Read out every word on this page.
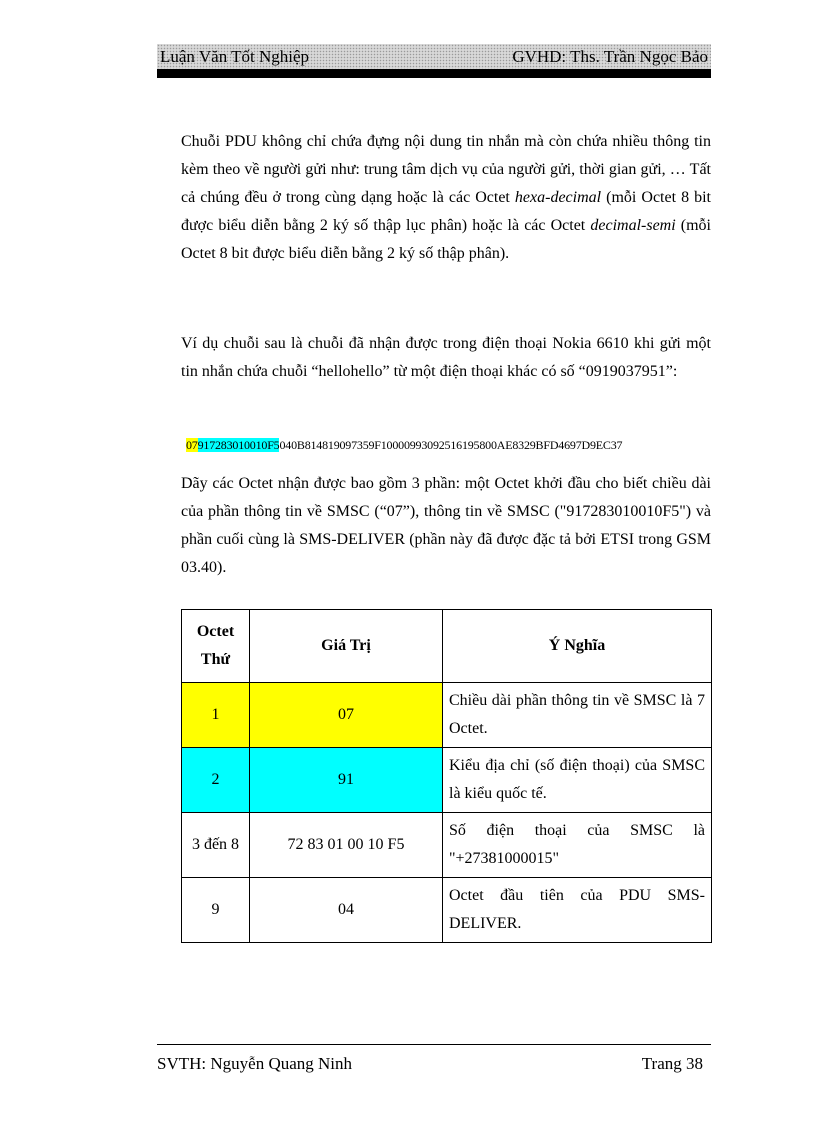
Luận Văn Tốt Nghiệp	GVHD: Ths. Trần Ngọc Bảo
Chuỗi PDU không chỉ chứa đựng nội dung tin nhắn mà còn chứa nhiều thông tin kèm theo về người gửi như: trung tâm dịch vụ của người gửi, thời gian gửi, … Tất cả chúng đều ở trong cùng dạng hoặc là các Octet hexa-decimal (mỗi Octet 8 bit được biểu diễn bằng 2 ký số thập lục phân) hoặc là các Octet decimal-semi (mỗi Octet 8 bit được biểu diễn bằng 2 ký số thập phân).
Ví dụ chuỗi sau là chuỗi đã nhận được trong điện thoại Nokia 6610 khi gửi một tin nhắn chứa chuỗi “hellohello” từ một điện thoại khác có số “0919037951”:
07917283010010F5040B814819097359F10000993092516195800AE8329BFD4697D9EC37
Dãy các Octet nhận được bao gồm 3 phần: một Octet khởi đầu cho biết chiều dài của phần thông tin về SMSC (“07”), thông tin về SMSC ("917283010010F5") và phần cuối cùng là SMS-DELIVER (phần này đã được đặc tả bởi ETSI trong GSM 03.40).
Octet Thứ	Giá Trị	Ý Nghĩa
1	07	Chiều dài phần thông tin về SMSC là 7 Octet.
2	91	Kiểu địa chỉ (số điện thoại) của SMSC là kiểu quốc tế.
3 đến 8	72 83 01 00 10 F5	Số điện thoại của SMSC là "+27381000015"
9	04	Octet đầu tiên của PDU SMS-DELIVER.
SVTH: Nguyễn Quang Ninh	Trang 38
